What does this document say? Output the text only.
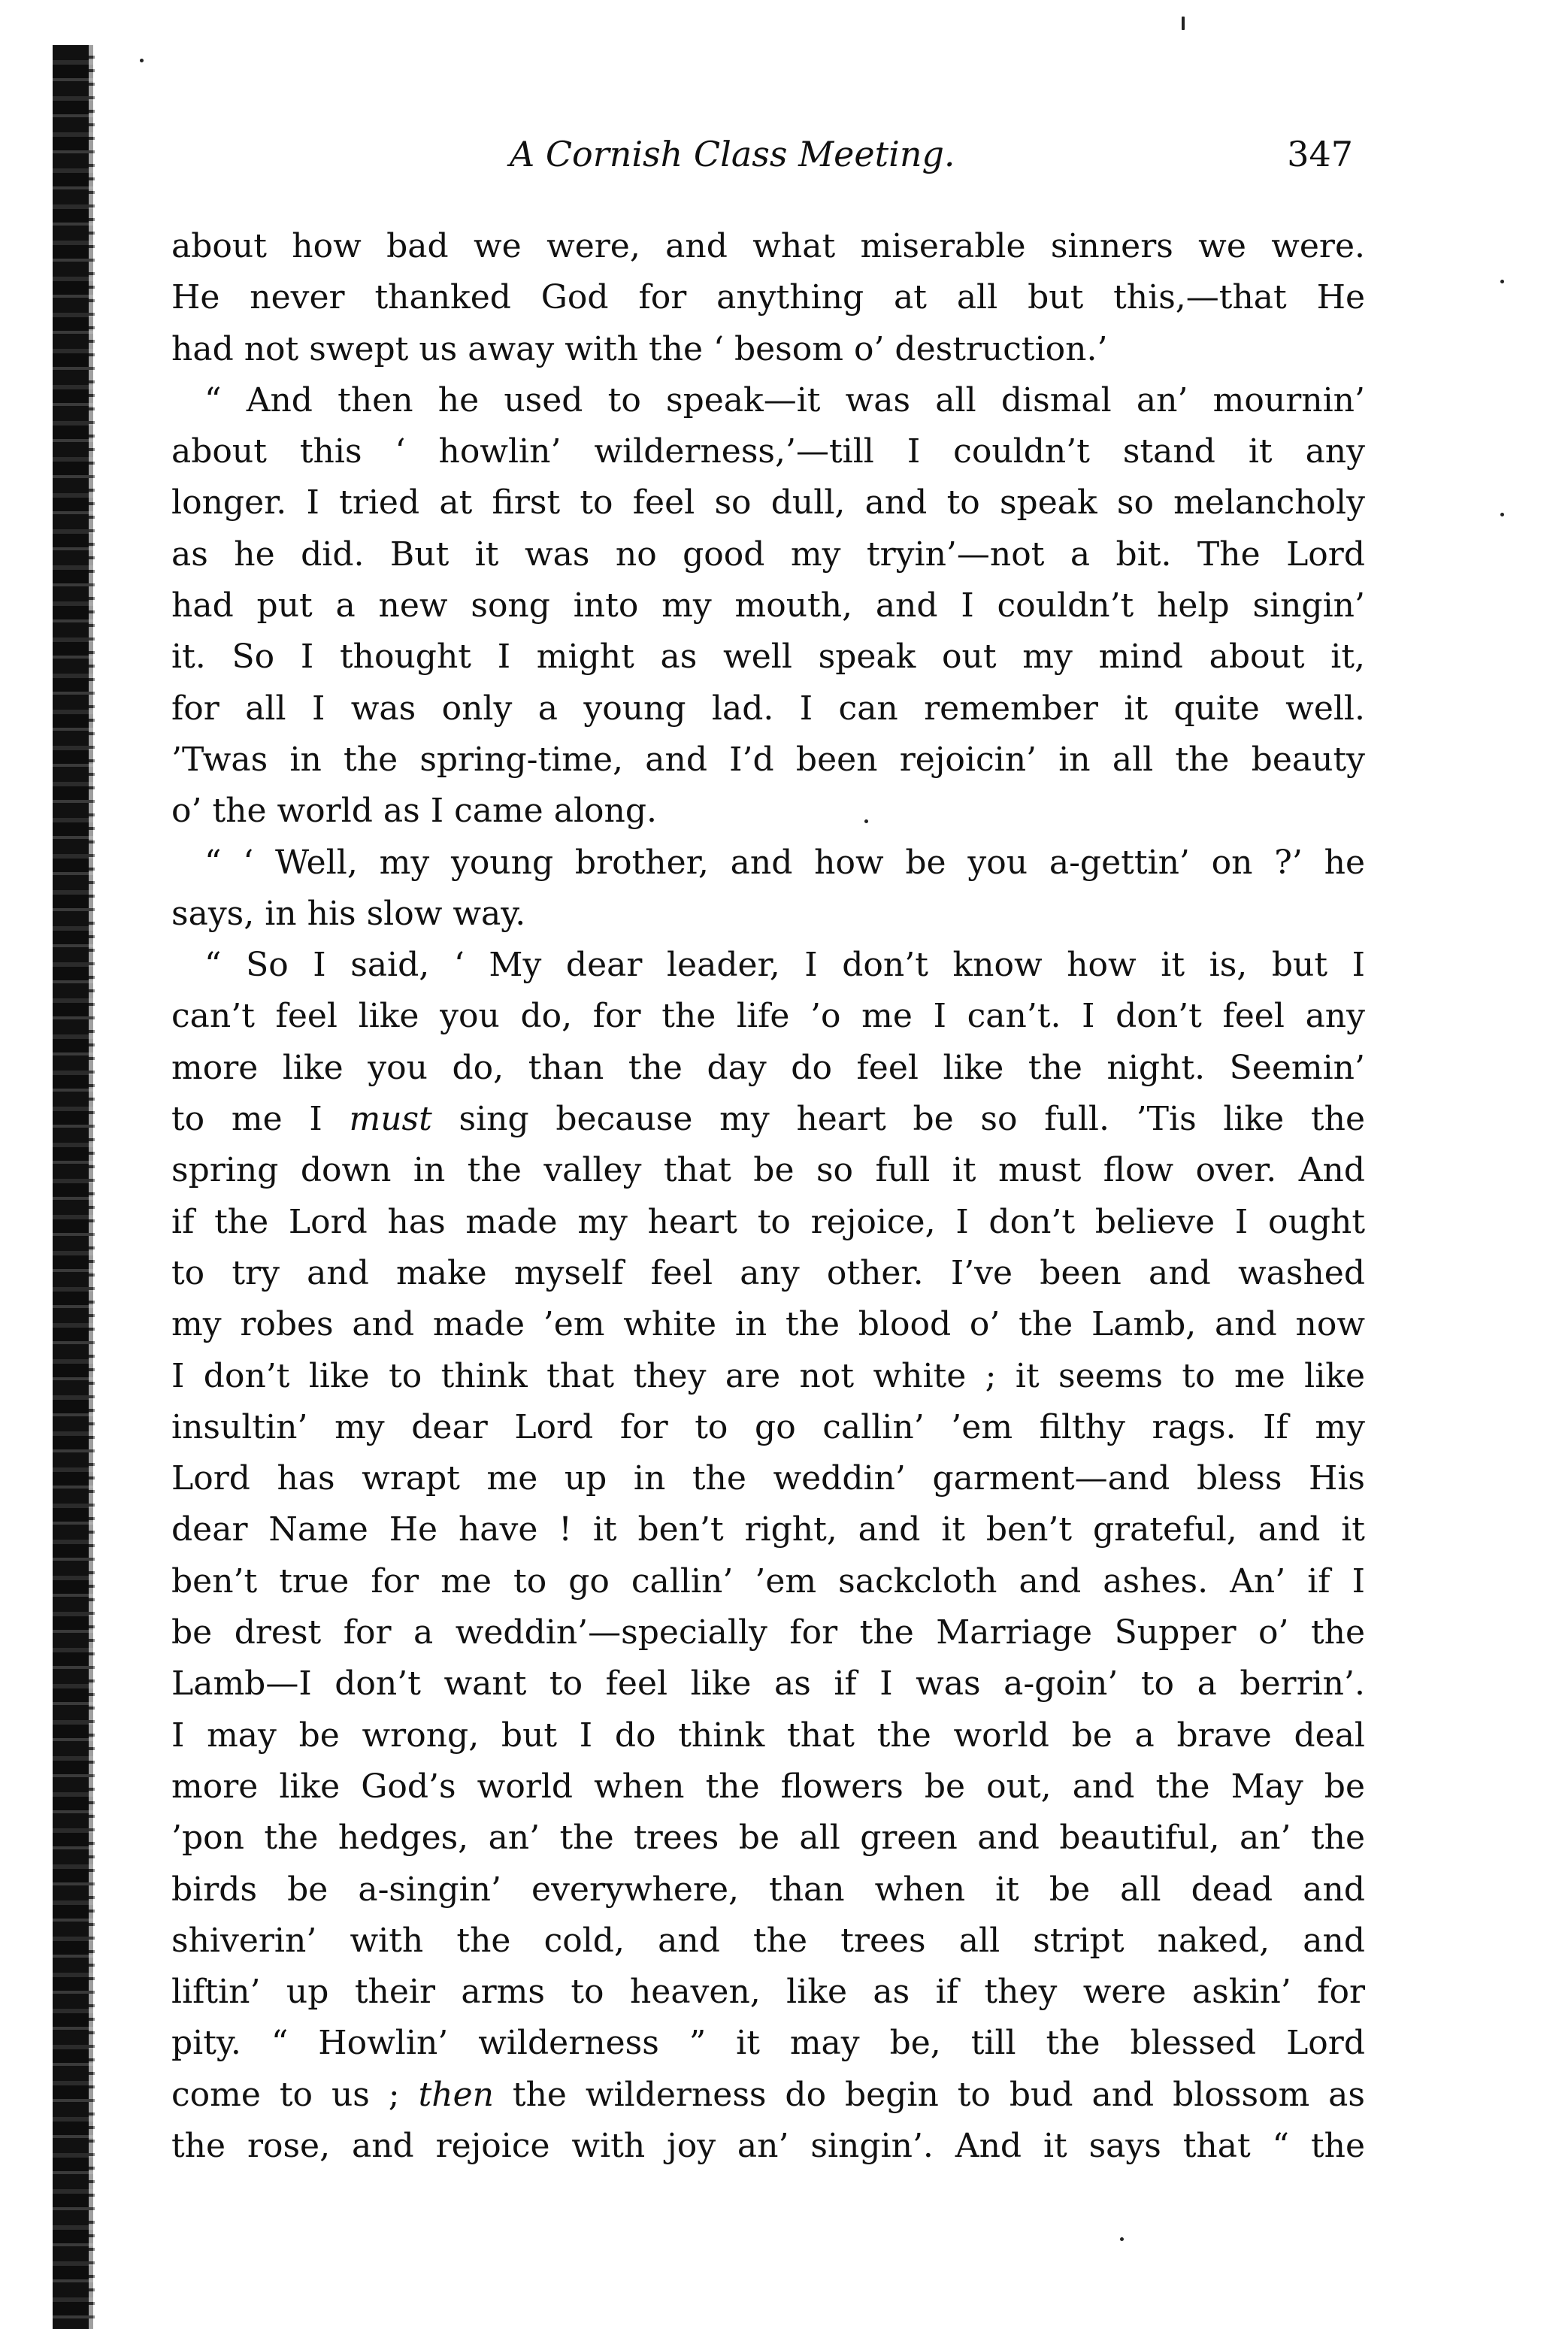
A Cornish Class Meeting.	347
about how bad we were, and what miserable sinners we were.
He never thanked God for anything at all but this,—that He
had not swept us away with the ‘ besom o’ destruction.’
“ And then he used to speak—it was all dismal an’ mournin’
about this ‘ howlin’ wilderness,’—till I couldn’t stand it any
longer. I tried at first to feel so dull, and to speak so melancholy
as he did. But it was no good my tryin’—not a bit. The Lord
had put a new song into my mouth, and I couldn’t help singin’
it. So I thought I might as well speak out my mind about it,
for all I was only a young lad. I can remember it quite well.
’Twas in the spring-time, and I’d been rejoicin’ in all the beauty
o’ the world as I came along.
“ ‘ Well, my young brother, and how be you a-gettin’ on ?’ he
says, in his slow way.
“ So I said, ‘ My dear leader, I don’t know how it is, but I
can’t feel like you do, for the life ’o me I can’t. I don’t feel any
more like you do, than the day do feel like the night. Seemin’
to me I must sing because my heart be so full. ’Tis like the
spring down in the valley that be so full it must flow over. And
if the Lord has made my heart to rejoice, I don’t believe I ought
to try and make myself feel any other. I’ve been and washed
my robes and made ’em white in the blood o’ the Lamb, and now
I don’t like to think that they are not white ; it seems to me like
insultin’ my dear Lord for to go callin’ ’em filthy rags. If my
Lord has wrapt me up in the weddin’ garment—and bless His
dear Name He have ! it ben’t right, and it ben’t grateful, and it
ben’t true for me to go callin’ ’em sackcloth and ashes. An’ if I
be drest for a weddin’—specially for the Marriage Supper o’ the
Lamb—I don’t want to feel like as if I was a-goin’ to a berrin’.
I may be wrong, but I do think that the world be a brave deal
more like God’s world when the flowers be out, and the May be
’pon the hedges, an’ the trees be all green and beautiful, an’ the
birds be a-singin’ everywhere, than when it be all dead and
shiverin’ with the cold, and the trees all stript naked, and
liftin’ up their arms to heaven, like as if they were askin’ for
pity. “ Howlin’ wilderness ” it may be, till the blessed Lord
come to us ; then the wilderness do begin to bud and blossom as
the rose, and rejoice with joy an’ singin’. And it says that “ the
